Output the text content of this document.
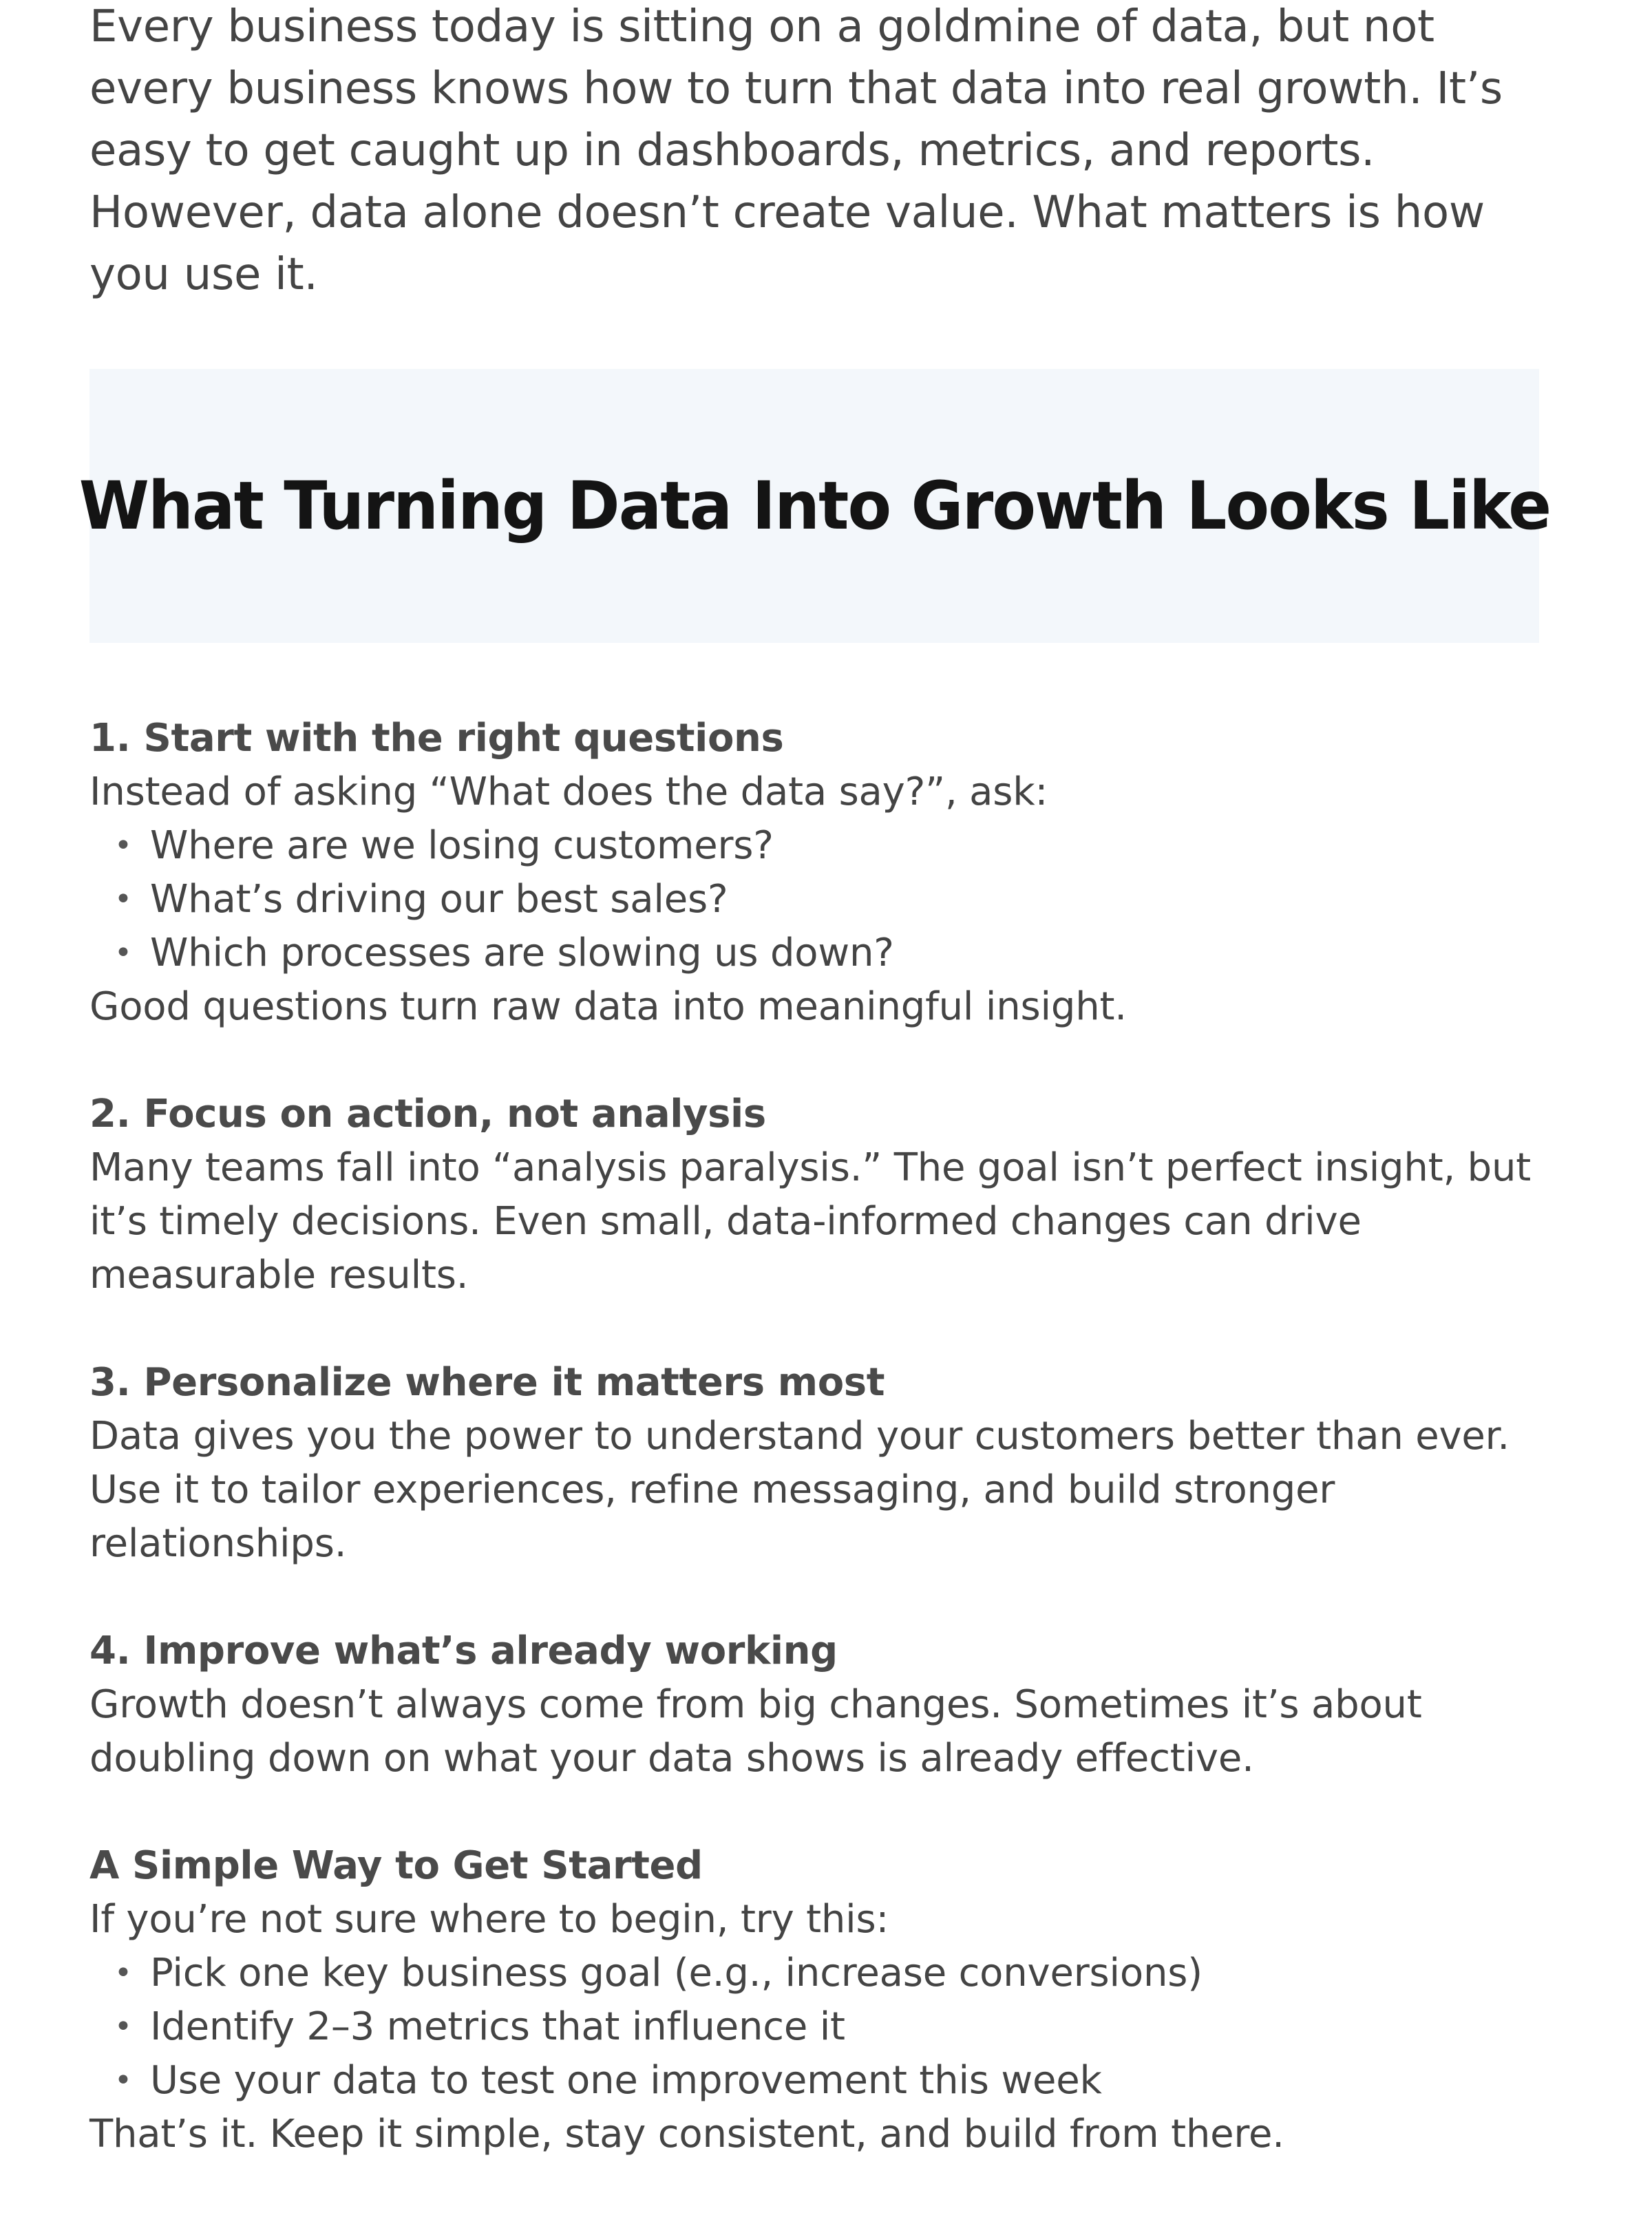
Every business today is sitting on a goldmine of data, but not every business knows how to turn that data into real growth. It’s easy to get caught up in dashboards, metrics, and reports. However, data alone doesn’t create value. What matters is how you use it.

What Turning Data Into Growth Looks Like
1. Start with the right questions

Instead of asking “What does the data say?”, ask:

• Where are we losing customers?
• What’s driving our best sales?
• Which processes are slowing us down?

Good questions turn raw data into meaningful insight.

2. Focus on action, not analysis

Many teams fall into “analysis paralysis.” The goal isn’t perfect insight, but it’s timely decisions. Even small, data-informed changes can drive measurable results.

3. Personalize where it matters most

Data gives you the power to understand your customers better than ever. Use it to tailor experiences, refine messaging, and build stronger relationships.

4. Improve what’s already working

Growth doesn’t always come from big changes. Sometimes it’s about doubling down on what your data shows is already effective.

A Simple Way to Get Started

If you’re not sure where to begin, try this:

• Pick one key business goal (e.g., increase conversions)
• Identify 2–3 metrics that influence it
• Use your data to test one improvement this week

That’s it. Keep it simple, stay consistent, and build from there.
